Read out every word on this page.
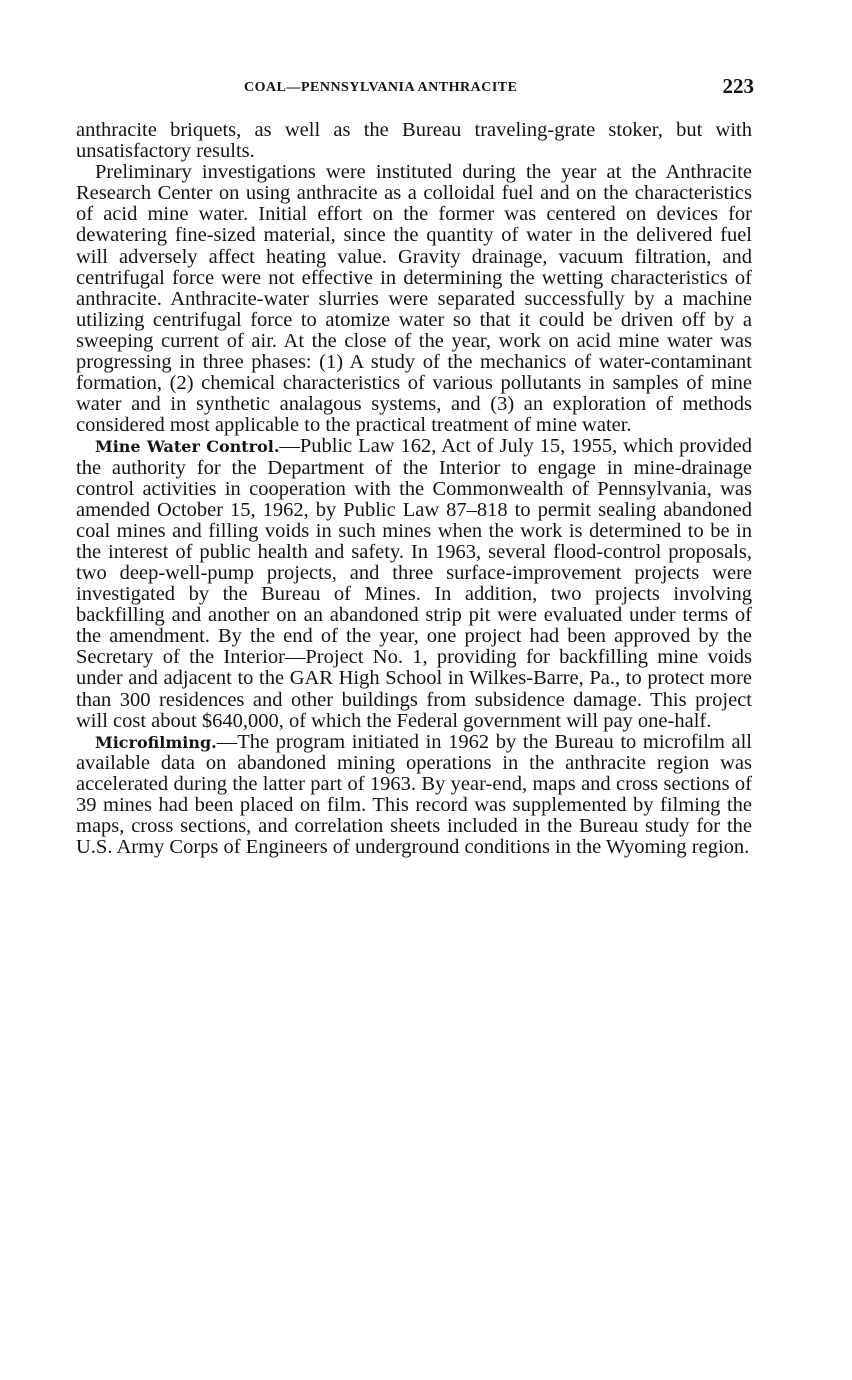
COAL—PENNSYLVANIA ANTHRACITE	223

anthracite briquets, as well as the Bureau traveling-grate stoker, but with unsatisfactory results.

Preliminary investigations were instituted during the year at the Anthracite Research Center on using anthracite as a colloidal fuel and on the characteristics of acid mine water. Initial effort on the former was centered on devices for dewatering fine-sized material, since the quantity of water in the delivered fuel will adversely affect heating value. Gravity drainage, vacuum filtration, and centrifugal force were not effective in determining the wetting characteristics of anthracite. Anthracite-water slurries were separated successfully by a machine utilizing centrifugal force to atomize water so that it could be driven off by a sweeping current of air. At the close of the year, work on acid mine water was progressing in three phases: (1) A study of the mechanics of water-contaminant formation, (2) chemical characteristics of various pollutants in samples of mine water and in synthetic analagous systems, and (3) an exploration of methods considered most applicable to the practical treatment of mine water.

Mine Water Control.—Public Law 162, Act of July 15, 1955, which provided the authority for the Department of the Interior to engage in mine-drainage control activities in cooperation with the Commonwealth of Pennsylvania, was amended October 15, 1962, by Public Law 87–818 to permit sealing abandoned coal mines and filling voids in such mines when the work is determined to be in the interest of public health and safety. In 1963, several flood-control proposals, two deep-well-pump projects, and three surface-improvement projects were investigated by the Bureau of Mines. In addition, two projects involving backfilling and another on an abandoned strip pit were evaluated under terms of the amendment. By the end of the year, one project had been approved by the Secretary of the Interior—Project No. 1, providing for backfilling mine voids under and adjacent to the GAR High School in Wilkes-Barre, Pa., to protect more than 300 residences and other buildings from subsidence damage. This project will cost about $640,000, of which the Federal government will pay one-half.

Microfilming.—The program initiated in 1962 by the Bureau to microfilm all available data on abandoned mining operations in the anthracite region was accelerated during the latter part of 1963. By year-end, maps and cross sections of 39 mines had been placed on film. This record was supplemented by filming the maps, cross sections, and correlation sheets included in the Bureau study for the U.S. Army Corps of Engineers of underground conditions in the Wyoming region.
